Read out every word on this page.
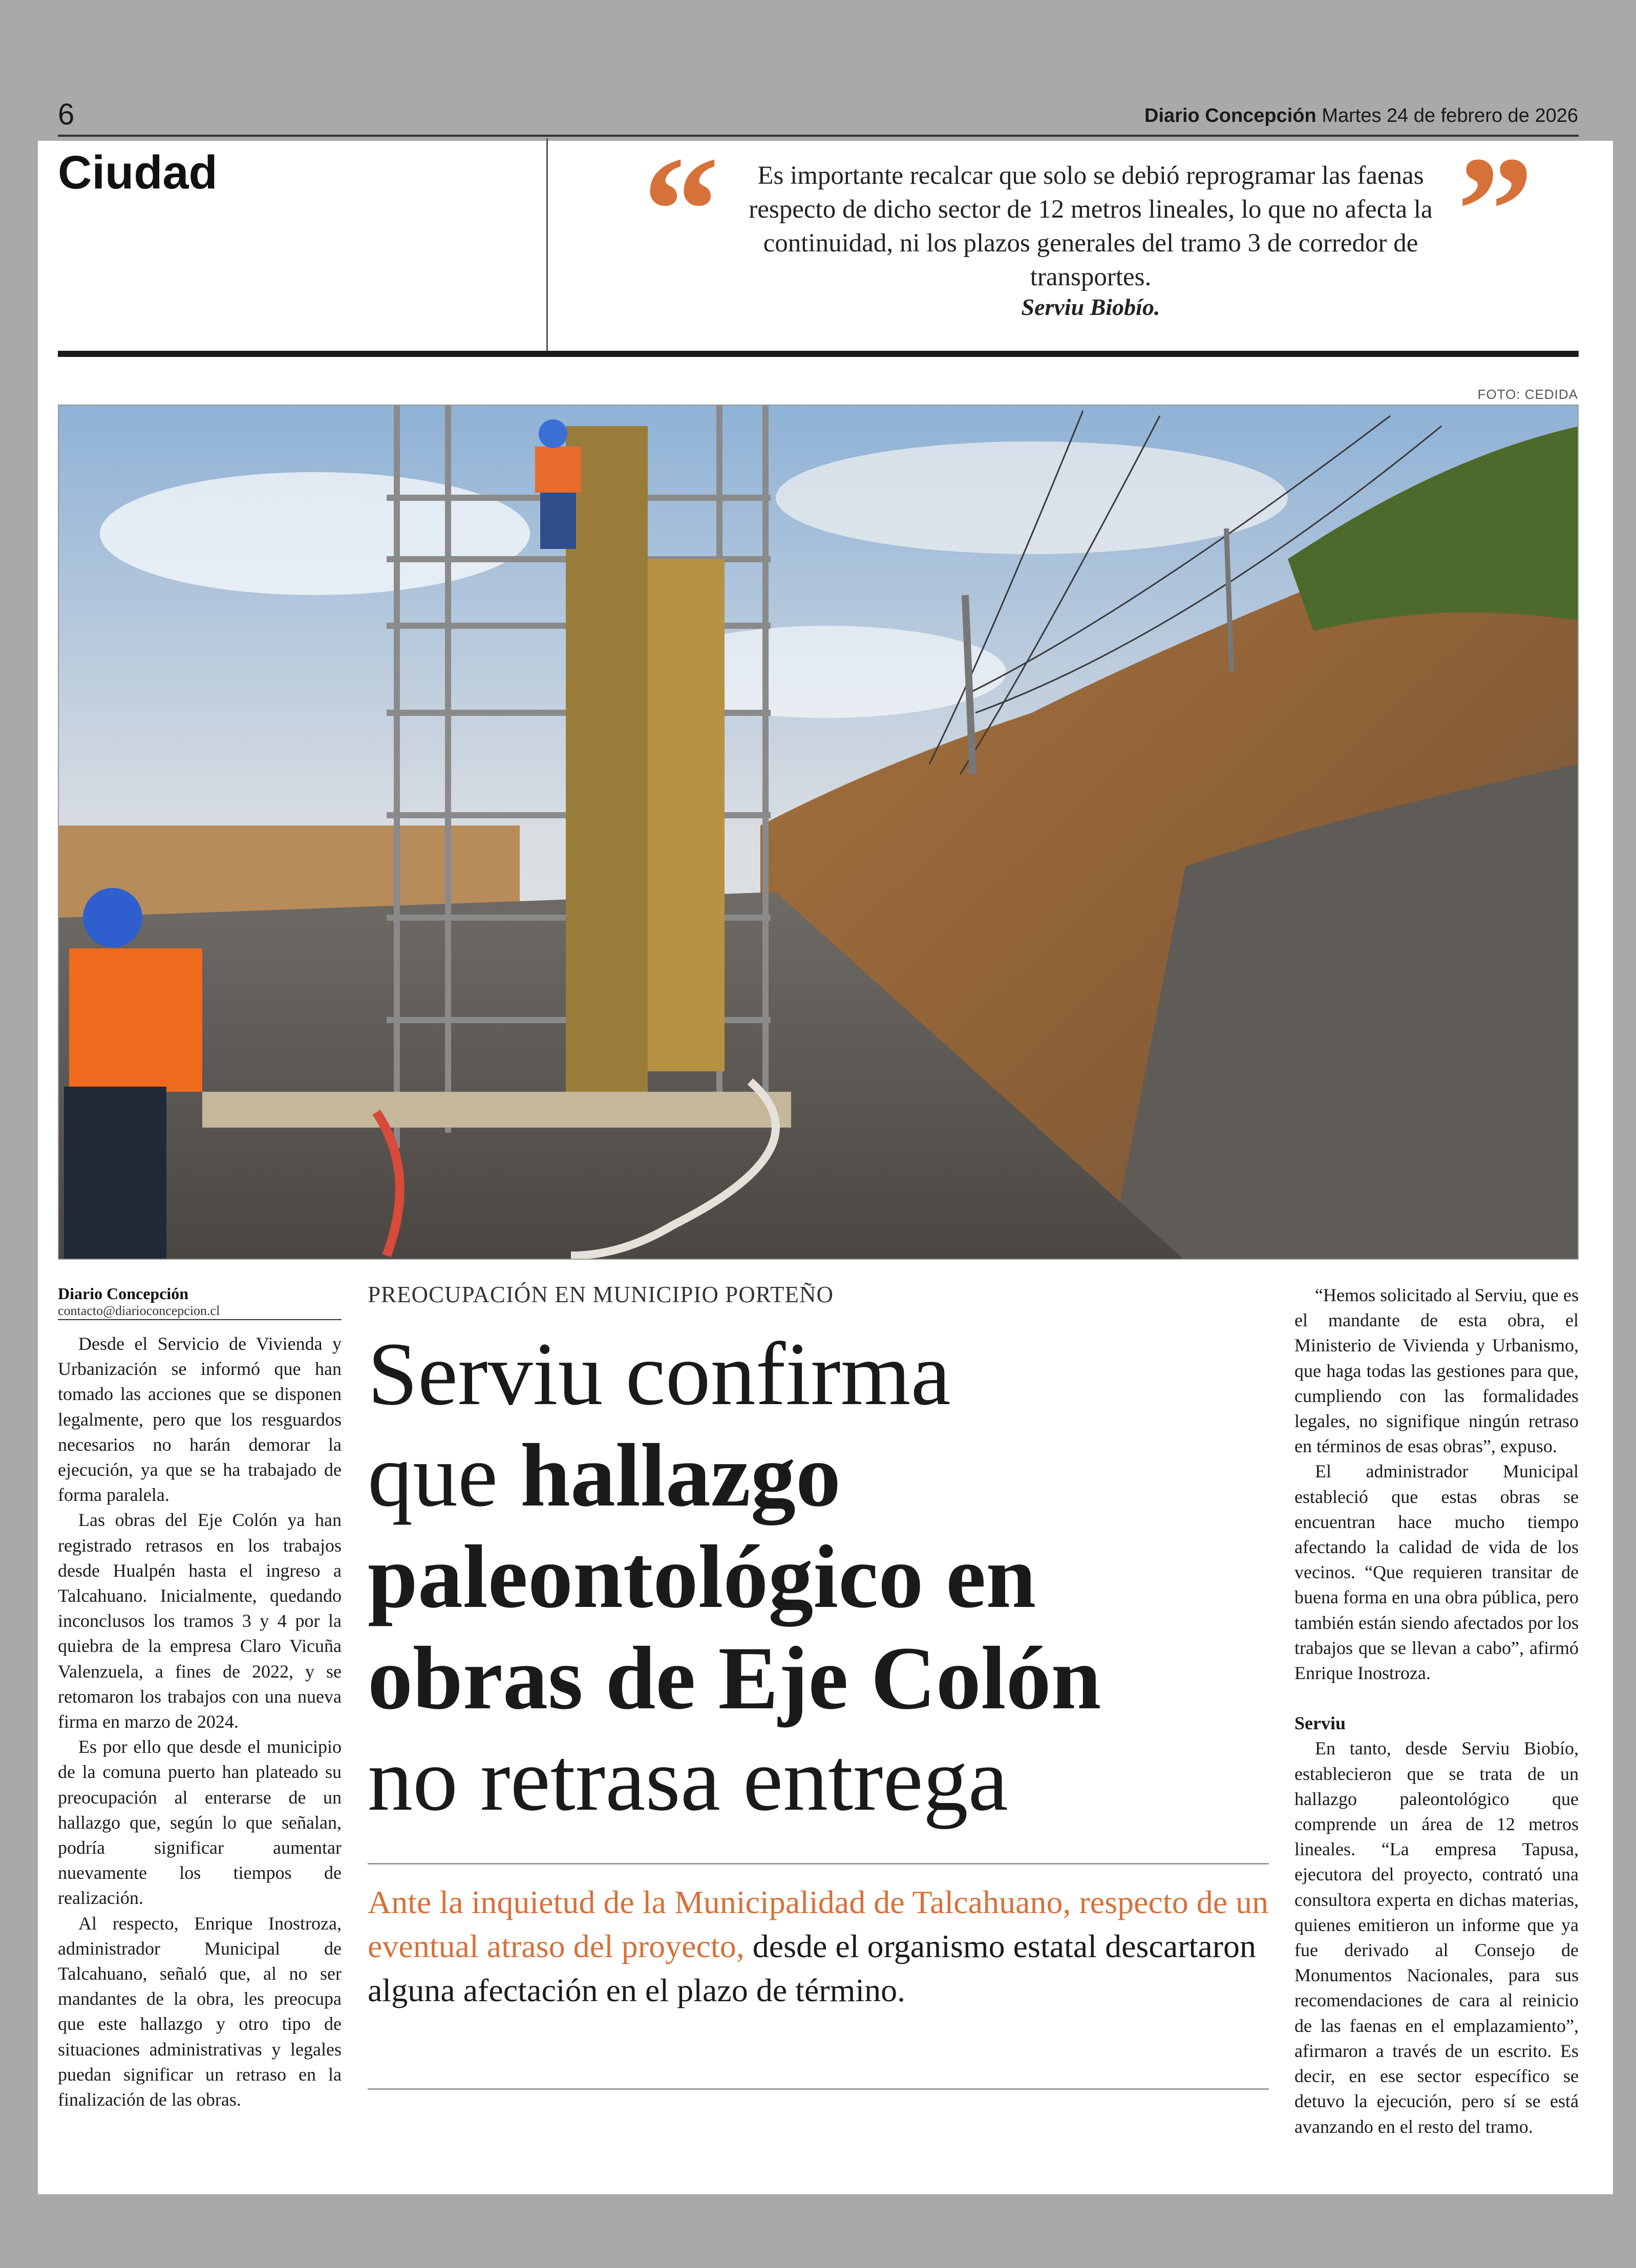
6	Diario Concepción Martes 24 de febrero de 2026
Ciudad	“	Es importante recalcar que solo se debió reprogramar las faenas respecto de dicho sector de 12 metros lineales, lo que no afecta la continuidad, ni los plazos generales del tramo 3 de corredor de transportes.
Serviu Biobío.
”
FOTO: CEDIDA
Diario Concepción
contacto@diarioconcepcion.cl

Desde el Servicio de Vivienda y Urbanización se informó que han tomado las acciones que se disponen legalmente, pero que los resguardos necesarios no harán demorar la ejecución, ya que se ha trabajado de forma paralela.

Las obras del Eje Colón ya han registrado retrasos en los trabajos desde Hualpén hasta el ingreso a Talcahuano. Inicialmente, quedando inconclusos los tramos 3 y 4 por la quiebra de la empresa Claro Vicuña Valenzuela, a fines de 2022, y se retomaron los trabajos con una nueva firma en marzo de 2024.

Es por ello que desde el municipio de la comuna puerto han plateado su preocupación al enterarse de un hallazgo que, según lo que señalan, podría significar aumentar nuevamente los tiempos de realización.

Al respecto, Enrique Inostroza, administrador Municipal de Talcahuano, señaló que, al no ser mandantes de la obra, les preocupa que este hallazgo y otro tipo de situaciones administrativas y legales puedan significar un retraso en la finalización de las obras.

PREOCUPACIÓN EN MUNICIPIO PORTEÑO
Serviu confirma
que hallazgo
paleontológico en
obras de Eje Colón
no retrasa entrega
Ante la inquietud de la Municipalidad de Talcahuano, respecto de un eventual atraso del proyecto, desde el organismo estatal descartaron alguna afectación en el plazo de término.

“Hemos solicitado al Serviu, que es el mandante de esta obra, el Ministerio de Vivienda y Urbanismo, que haga todas las gestiones para que, cumpliendo con las formalidades legales, no signifique ningún retraso en términos de esas obras”, expuso.

El administrador Municipal estableció que estas obras se encuentran hace mucho tiempo afectando la calidad de vida de los vecinos. “Que requieren transitar de buena forma en una obra pública, pero también están siendo afectados por los trabajos que se llevan a cabo”, afirmó Enrique Inostroza.

Serviu

En tanto, desde Serviu Biobío, establecieron que se trata de un hallazgo paleontológico que comprende un área de 12 metros lineales. “La empresa Tapusa, ejecutora del proyecto, contrató una consultora experta en dichas materias, quienes emitieron un informe que ya fue derivado al Consejo de Monumentos Nacionales, para sus recomendaciones de cara al reinicio de las faenas en el emplazamiento”, afirmaron a través de un escrito. Es decir, en ese sector específico se detuvo la ejecución, pero sí se está avanzando en el resto del tramo.
